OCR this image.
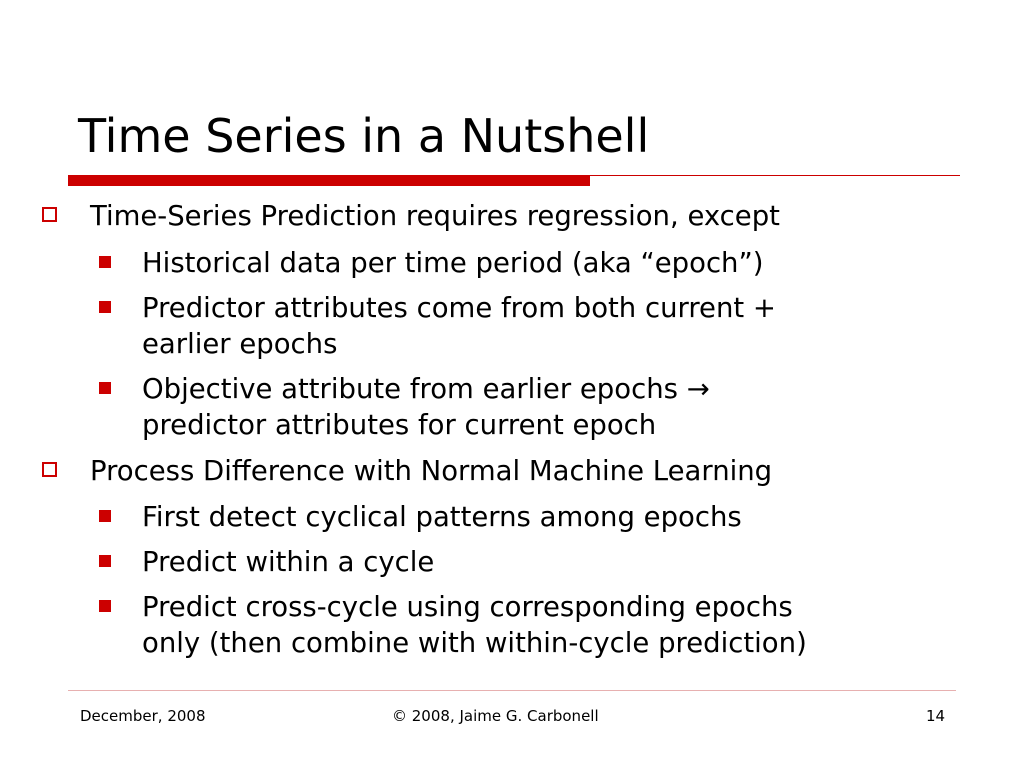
Time Series in a Nutshell
Time-Series Prediction requires regression, except
Historical data per time period (aka “epoch”)
Predictor attributes come from both current +
earlier epochs
Objective attribute from earlier epochs →
predictor attributes for current epoch
Process Difference with Normal Machine Learning
First detect cyclical patterns among epochs
Predict within a cycle
Predict cross-cycle using corresponding epochs
only (then combine with within-cycle prediction)
December, 2008	© 2008, Jaime G. Carbonell	14
